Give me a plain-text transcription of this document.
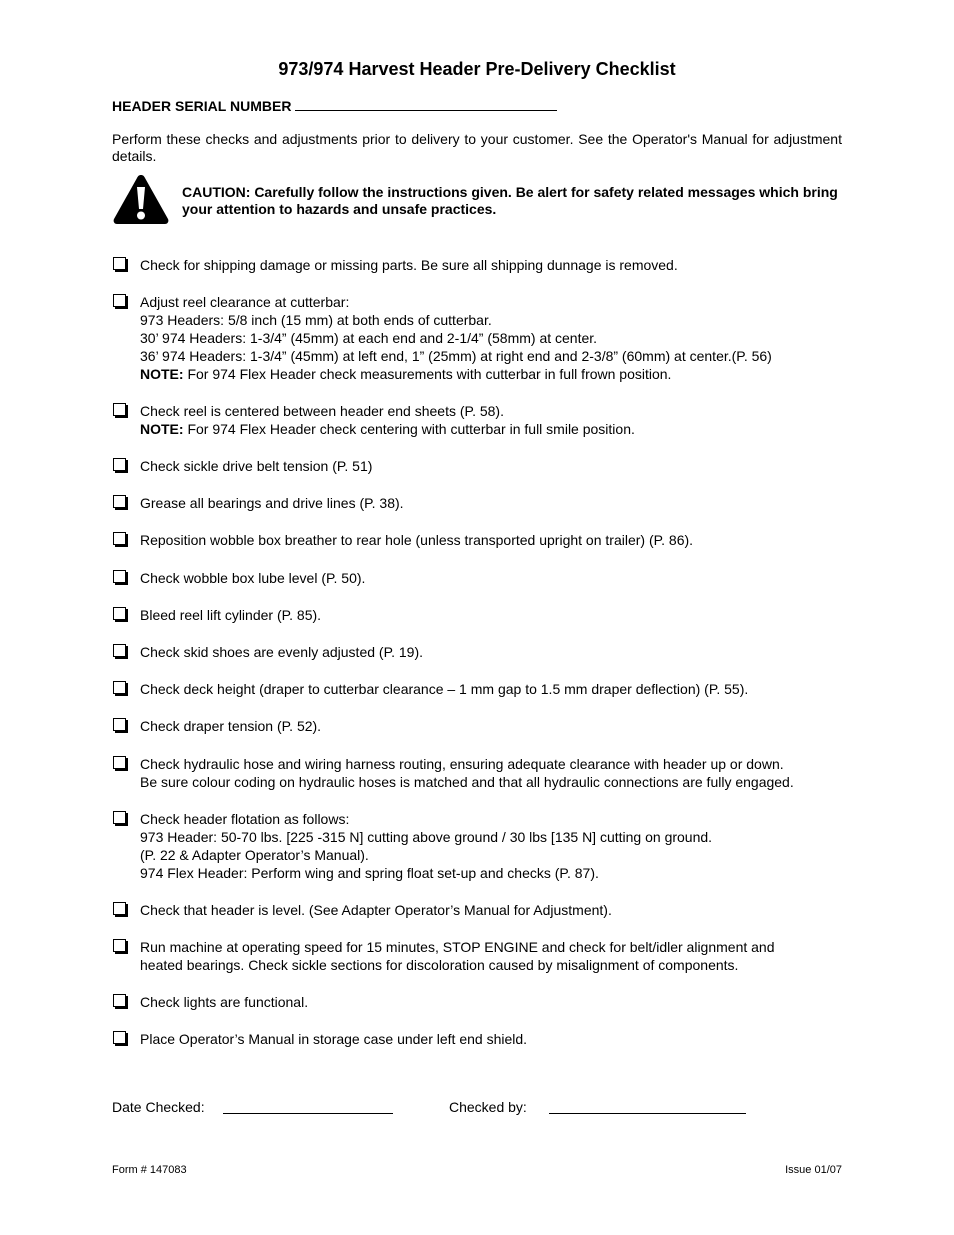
973/974 Harvest Header Pre-Delivery Checklist
HEADER SERIAL NUMBER
Perform these checks and adjustments prior to delivery to your customer. See the Operator's Manual for adjustment details.
CAUTION: Carefully follow the instructions given. Be alert for safety related messages which bring your attention to hazards and unsafe practices.
Check for shipping damage or missing parts. Be sure all shipping dunnage is removed.
Adjust reel clearance at cutterbar:
973 Headers: 5/8 inch (15 mm) at both ends of cutterbar.
30’ 974 Headers: 1-3/4” (45mm) at each end and 2-1/4” (58mm) at center.
36’ 974 Headers: 1-3/4” (45mm) at left end, 1” (25mm) at right end and 2-3/8” (60mm) at center.(P. 56)
NOTE: For 974 Flex Header check measurements with cutterbar in full frown position.
Check reel is centered between header end sheets (P. 58).
NOTE: For 974 Flex Header check centering with cutterbar in full smile position.
Check sickle drive belt tension (P. 51)
Grease all bearings and drive lines (P. 38).
Reposition wobble box breather to rear hole (unless transported upright on trailer) (P. 86).
Check wobble box lube level (P. 50).
Bleed reel lift cylinder (P. 85).
Check skid shoes are evenly adjusted (P. 19).
Check deck height (draper to cutterbar clearance – 1 mm gap to 1.5 mm draper deflection) (P. 55).
Check draper tension (P. 52).
Check hydraulic hose and wiring harness routing, ensuring adequate clearance with header up or down.
Be sure colour coding on hydraulic hoses is matched and that all hydraulic connections are fully engaged.
Check header flotation as follows:
973 Header: 50-70 lbs. [225 -315 N] cutting above ground / 30 lbs [135 N] cutting on ground.
(P. 22 & Adapter Operator’s Manual).
974 Flex Header: Perform wing and spring float set-up and checks (P. 87).
Check that header is level. (See Adapter Operator’s Manual for Adjustment).
Run machine at operating speed for 15 minutes, STOP ENGINE and check for belt/idler alignment and
heated bearings. Check sickle sections for discoloration caused by misalignment of components.
Check lights are functional.
Place Operator’s Manual in storage case under left end shield.
Date Checked:	Checked by:
Form # 147083	Issue 01/07
